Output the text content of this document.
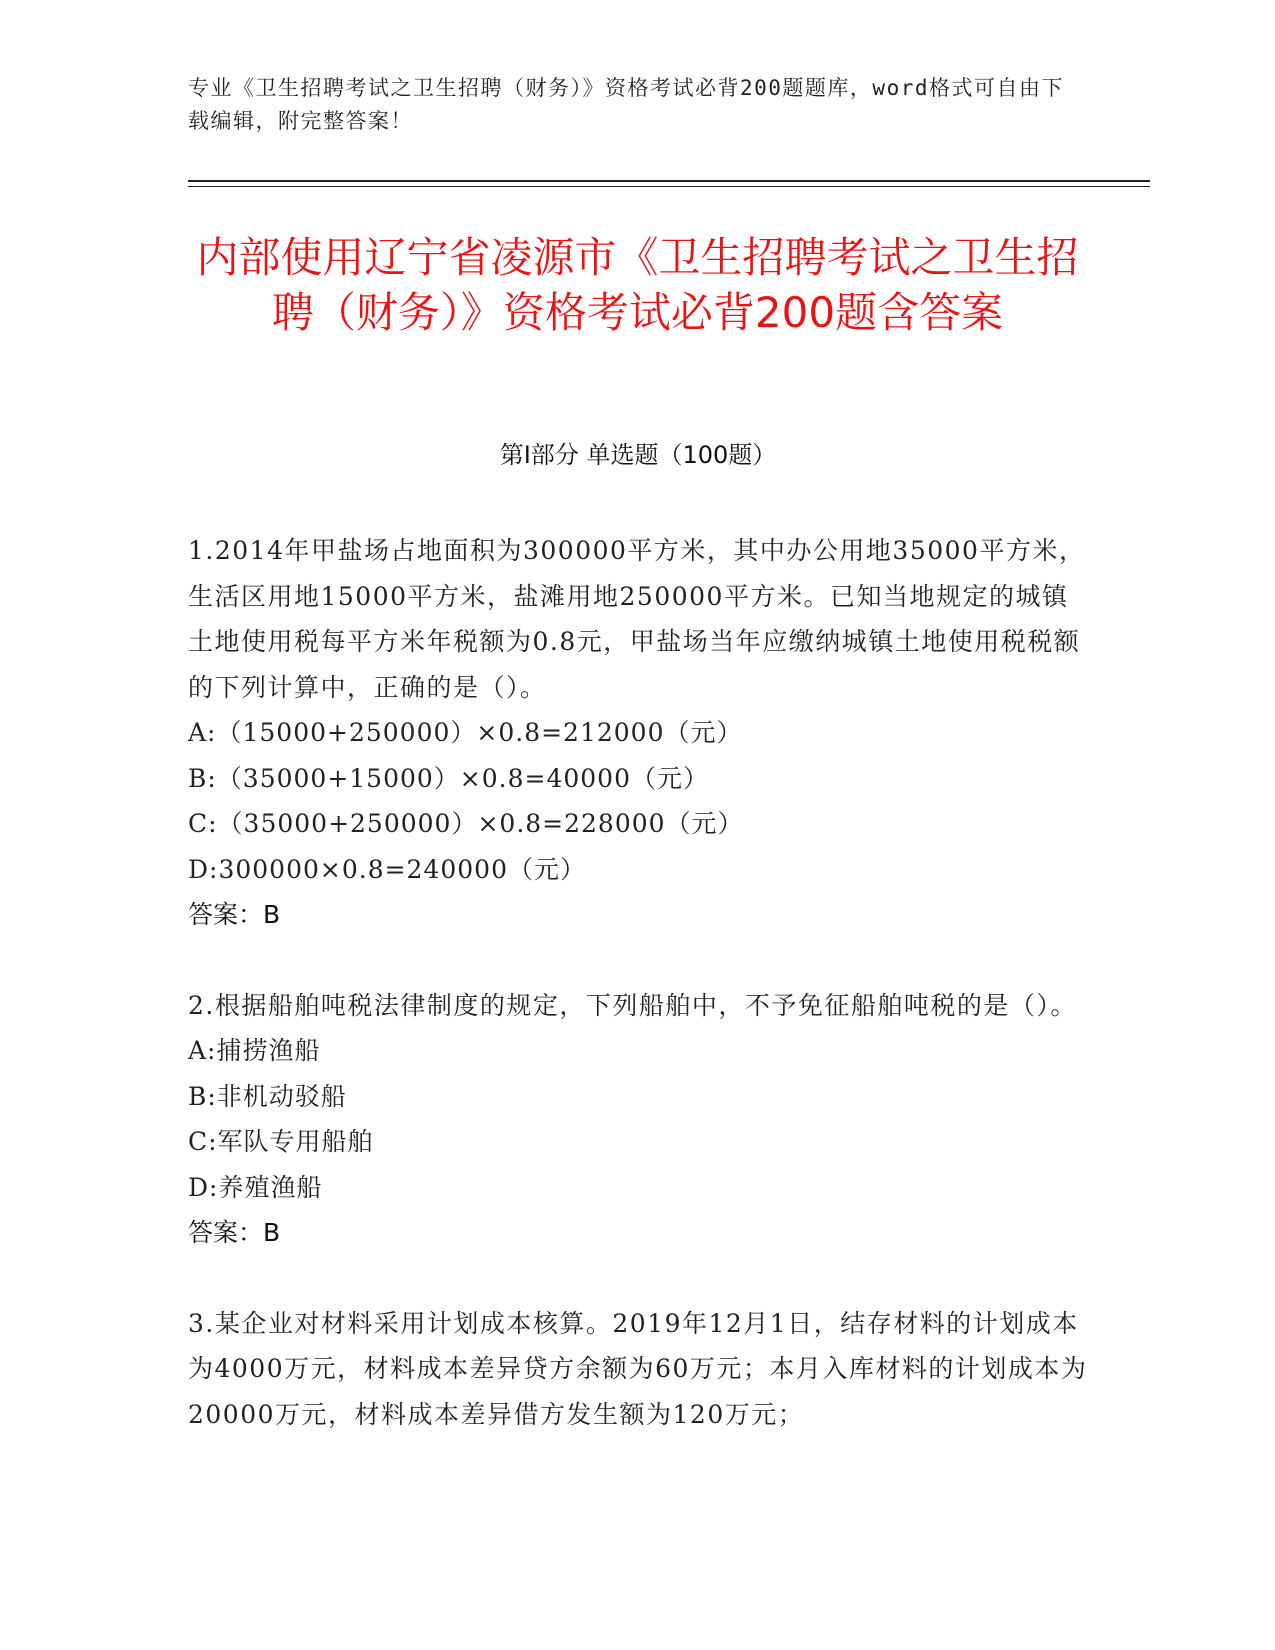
专业《卫生招聘考试之卫生招聘（财务）》资格考试必背200题题库，word格式可自由下载编辑，附完整答案！
内部使用辽宁省凌源市《卫生招聘考试之卫生招聘（财务）》资格考试必背200题含答案
第I部分 单选题（100题）

1.2014年甲盐场占地面积为300000平方米，其中办公用地35000平方米，生活区用地15000平方米，盐滩用地250000平方米。已知当地规定的城镇土地使用税每平方米年税额为0.8元，甲盐场当年应缴纳城镇土地使用税税额的下列计算中，正确的是（）。

A:（15000+250000）×0.8=212000（元）

B:（35000+15000）×0.8=40000（元）

C:（35000+250000）×0.8=228000（元）

D:300000×0.8=240000（元）

答案：B

2.根据船舶吨税法律制度的规定，下列船舶中，不予免征船舶吨税的是（）。

A:捕捞渔船

B:非机动驳船

C:军队专用船舶

D:养殖渔船

答案：B

3.某企业对材料采用计划成本核算。2019年12月1日，结存材料的计划成本为4000万元，材料成本差异贷方余额为60万元；本月入库材料的计划成本为20000万元，材料成本差异借方发生额为120万元；
